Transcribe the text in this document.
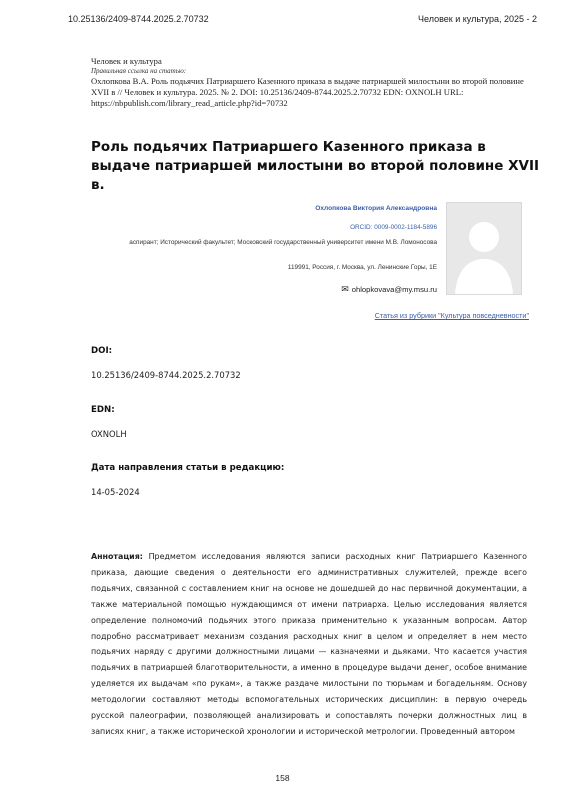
10.25136/2409-8744.2025.2.70732	Человек и культура, 2025 - 2
Человек и культура
Правильная ссылка на статью:
Охлопкова В.А. Роль подьячих Патриаршего Казенного приказа в выдаче патриаршей милостыни во второй половине XVII в // Человек и культура. 2025. № 2. DOI: 10.25136/2409-8744.2025.2.70732 EDN: OXNOLH URL: https://nbpublish.com/library_read_article.php?id=70732
Роль подьячих Патриаршего Казенного приказа в выдаче патриаршей милостыни во второй половине XVII в.
Охлопкова Виктория Александровна
ORCID: 0009-0002-1184-5896
аспирант; Исторический факультет; Московский государственный университет имени М.В. Ломоносова
119991, Россия, г. Москва, ул. Ленинские Горы, 1Е
✉ ohlopkovava@my.msu.ru
Статья из рубрики "Культура повседневности"
DOI:
10.25136/2409-8744.2025.2.70732
EDN:
OXNOLH
Дата направления статьи в редакцию:
14-05-2024
Аннотация: Предметом исследования являются записи расходных книг Патриаршего Казенного приказа, дающие сведения о деятельности его административных служителей, прежде всего подьячих, связанной с составлением книг на основе не дошедшей до нас первичной документации, а также материальной помощью нуждающимся от имени патриарха. Целью исследования является определение полномочий подьячих этого приказа применительно к указанным вопросам. Автор подробно рассматривает механизм создания расходных книг в целом и определяет в нем место подьячих наряду с другими должностными лицами — казначеями и дьяками. Что касается участия подьячих в патриаршей благотворительности, а именно в процедуре выдачи денег, особое внимание уделяется их выдачам «по рукам», а также раздаче милостыни по тюрьмам и богадельням. Основу методологии составляют методы вспомогательных исторических дисциплин: в первую очередь русской палеографии, позволяющей анализировать и сопоставлять почерки должностных лиц в записях книг, а также исторической хронологии и исторической метрологии. Проведенный автором
158
